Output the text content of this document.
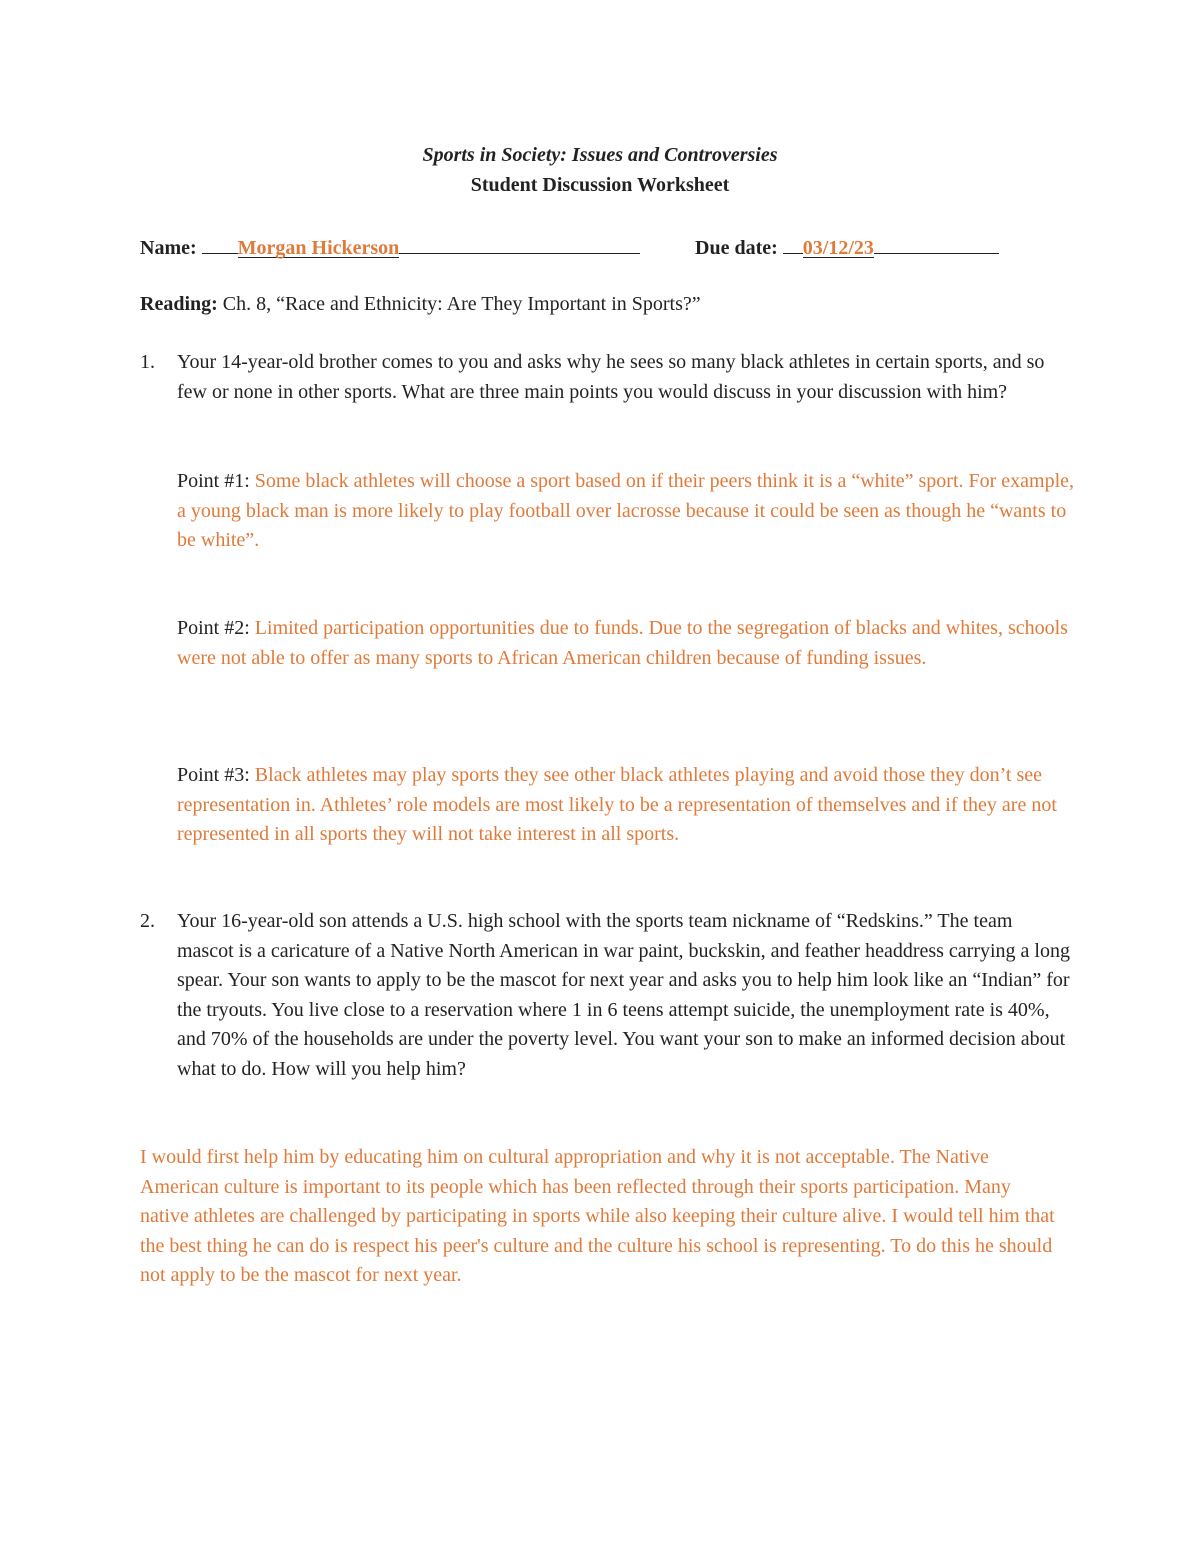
Sports in Society: Issues and Controversies
Student Discussion Worksheet
Name: Morgan Hickerson	Due date: 03/12/23
Reading: Ch. 8, “Race and Ethnicity: Are They Important in Sports?”
1. Your 14-year-old brother comes to you and asks why he sees so many black athletes in certain sports, and so few or none in other sports. What are three main points you would discuss in your discussion with him?
Point #1: Some black athletes will choose a sport based on if their peers think it is a “white” sport. For example, a young black man is more likely to play football over lacrosse because it could be seen as though he “wants to be white”.
Point #2: Limited participation opportunities due to funds. Due to the segregation of blacks and whites, schools were not able to offer as many sports to African American children because of funding issues.
Point #3: Black athletes may play sports they see other black athletes playing and avoid those they don’t see representation in. Athletes’ role models are most likely to be a representation of themselves and if they are not represented in all sports they will not take interest in all sports.
2. Your 16-year-old son attends a U.S. high school with the sports team nickname of “Redskins.” The team mascot is a caricature of a Native North American in war paint, buckskin, and feather headdress carrying a long spear. Your son wants to apply to be the mascot for next year and asks you to help him look like an “Indian” for the tryouts. You live close to a reservation where 1 in 6 teens attempt suicide, the unemployment rate is 40%, and 70% of the households are under the poverty level. You want your son to make an informed decision about what to do. How will you help him?
I would first help him by educating him on cultural appropriation and why it is not acceptable. The Native American culture is important to its people which has been reflected through their sports participation. Many native athletes are challenged by participating in sports while also keeping their culture alive. I would tell him that the best thing he can do is respect his peer's culture and the culture his school is representing. To do this he should not apply to be the mascot for next year.
